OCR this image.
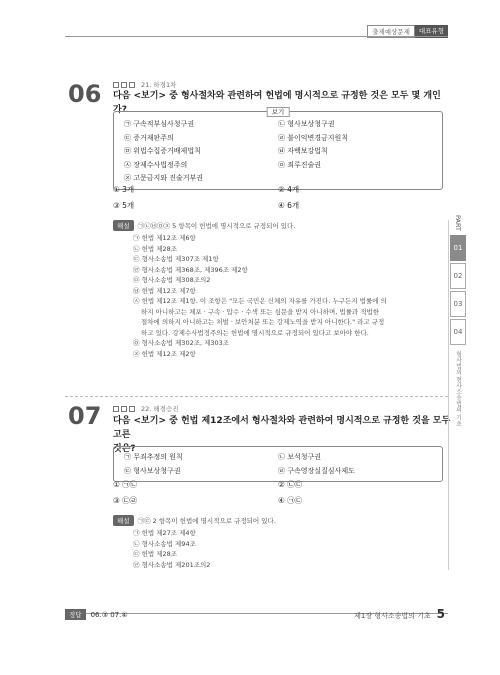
출제예상문제	대표유형
06	21. 하경1차
다음 <보기> 중 형사절차와 관련하여 헌법에 명시적으로 규정한 것은 모두 몇 개인가?	보기
㉠ 구속적부심사청구권	㉡ 형사보상청구권
㉢ 증거재판주의	㉣ 불이익변경금지원칙
㉤ 위법수집증거배제법칙	㉥ 자백보강법칙
㉦ 장제수사법정주의	㉧ 죄루진술권
㉨ 고문금지와 진술거부권
① 3개	② 4개
③ 5개	④ 6개
해설	㉠㉡㉥㉧㉨ 5 항목이 헌법에 명시적으로 규정되어 있다.
㉠ 헌법 제12조 제6항
㉡ 헌법 제28조
㉢ 형사소송법 제307조 제1항
㉣ 형사소송법 제368조, 제396조 제2항
㉤ 형사소송법 제308조의2
㉥ 헌법 제12조 제7항
㉦ 헌법 제12조 제1항. 이 조항은 "모든 국민은 신체의 자유를 가진다. 누구든지 법률에 의
하지 아니하고는 체포 · 구속 · 압수 · 수색 또는 심문을 받지 아니하며, 법률과 적법한
절차에 의하지 아니하고는 처벌 · 보안처분 또는 강제노역을 받지 아니한다." 라고 규정
하고 있다. 강제수사법정주의는 헌법에 명시적으로 규정되어 있다고 보아야 한다.
㉧ 형사소송법 제302조, 제303조
㉨ 헌법 제12조 제2항
07	22. 해경승진
다음 <보기> 중 헌법 제12조에서 형사절차와 관련하여 명시적으로 규정한 것을 모두 고른
것은?
㉠ 무죄추정의 원칙	㉡ 보석청구권
㉢ 형사보상청구권	㉣ 구속영장실질심사제도
① ㉠㉡	② ㉡㉢
③ ㉢㉣	④ ㉠㉢
해설	㉠㉢ 2 항목이 헌법에 명시적으로 규정되어 있다.
㉠ 헌법 제27조 제4항
㉡ 형사소송법 제94조
㉢ 헌법 제28조
㉣ 형사소송법 제201조의2
PART
01
02
03
04
형사법의 형사소송법의 기초
정답	06.③ 07.④	제1장 형사소송법의 기초 5
